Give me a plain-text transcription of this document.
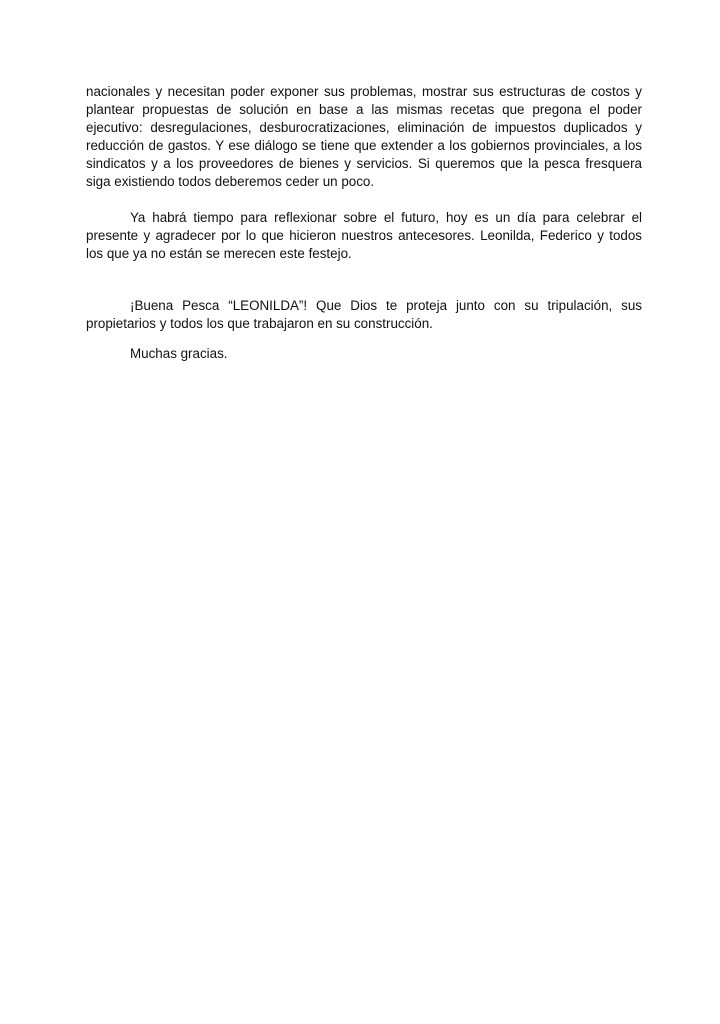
nacionales y necesitan poder exponer sus problemas, mostrar sus estructuras de costos y plantear propuestas de solución en base a las mismas recetas que pregona el poder ejecutivo: desregulaciones, desburocratizaciones, eliminación de impuestos duplicados y reducción de gastos. Y ese diálogo se tiene que extender a los gobiernos provinciales, a los sindicatos y a los proveedores de bienes y servicios. Si queremos que la pesca fresquera siga existiendo todos deberemos ceder un poco.

Ya habrá tiempo para reflexionar sobre el futuro, hoy es un día para celebrar el presente y agradecer por lo que hicieron nuestros antecesores. Leonilda, Federico y todos los que ya no están se merecen este festejo.

¡Buena Pesca “LEONILDA”! Que Dios te proteja junto con su tripulación, sus propietarios y todos los que trabajaron en su construcción.

Muchas gracias.
